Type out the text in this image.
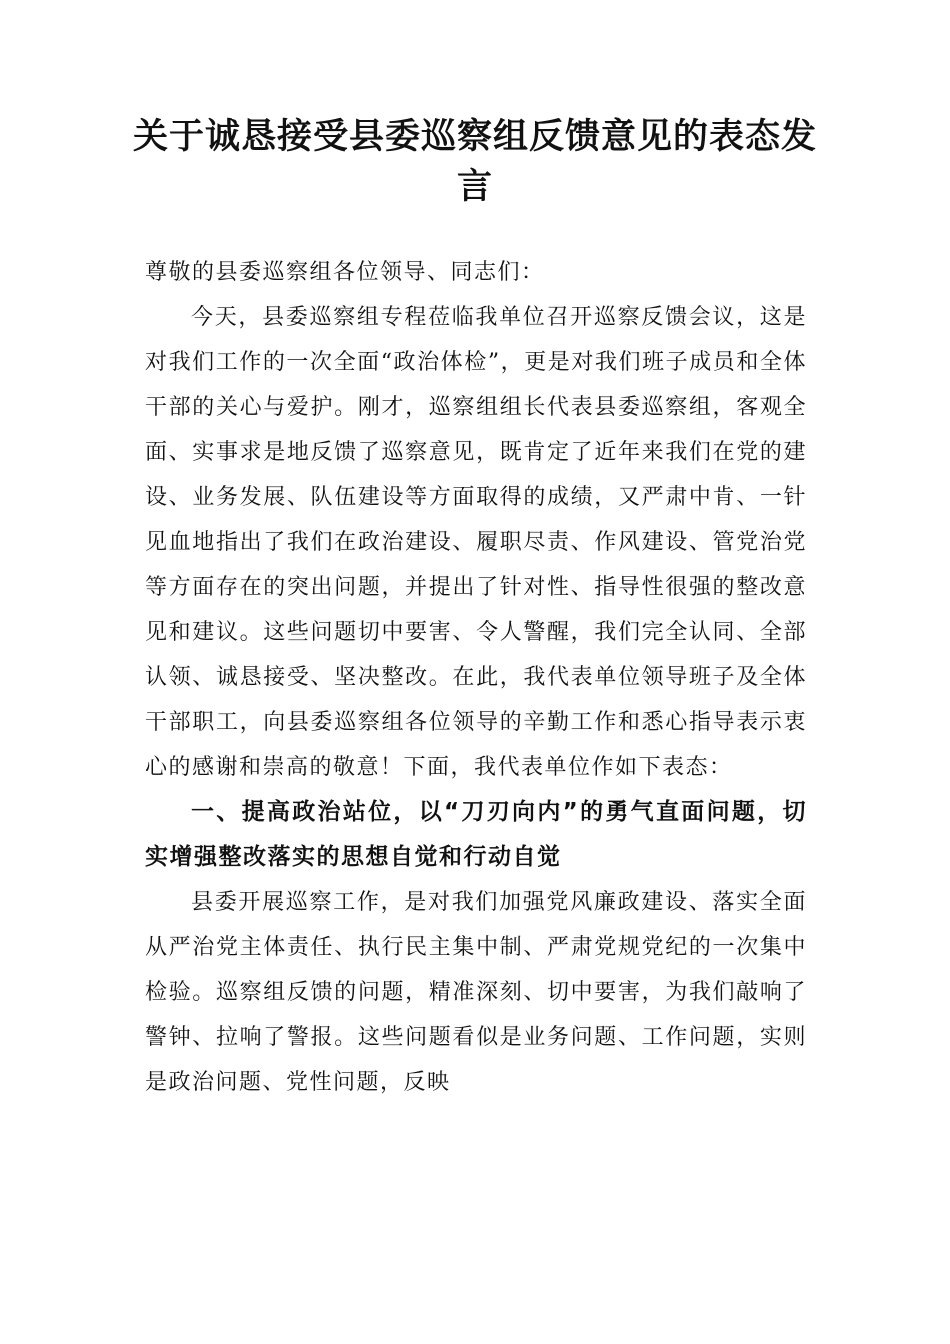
关于诚恳接受县委巡察组反馈意见的表态发言

尊敬的县委巡察组各位领导、同志们：

今天，县委巡察组专程莅临我单位召开巡察反馈会议，这是对我们工作的一次全面“政治体检”，更是对我们班子成员和全体干部的关心与爱护。刚才，巡察组组长代表县委巡察组，客观全面、实事求是地反馈了巡察意见，既肯定了近年来我们在党的建设、业务发展、队伍建设等方面取得的成绩，又严肃中肯、一针见血地指出了我们在政治建设、履职尽责、作风建设、管党治党等方面存在的突出问题，并提出了针对性、指导性很强的整改意见和建议。这些问题切中要害、令人警醒，我们完全认同、全部认领、诚恳接受、坚决整改。在此，我代表单位领导班子及全体干部职工，向县委巡察组各位领导的辛勤工作和悉心指导表示衷心的感谢和崇高的敬意！下面，我代表单位作如下表态：

一、提高政治站位，以“刀刃向内”的勇气直面问题，切实增强整改落实的思想自觉和行动自觉

县委开展巡察工作，是对我们加强党风廉政建设、落实全面从严治党主体责任、执行民主集中制、严肃党规党纪的一次集中检验。巡察组反馈的问题，精准深刻、切中要害，为我们敲响了警钟、拉响了警报。这些问题看似是业务问题、工作问题，实则是政治问题、党性问题，反映
